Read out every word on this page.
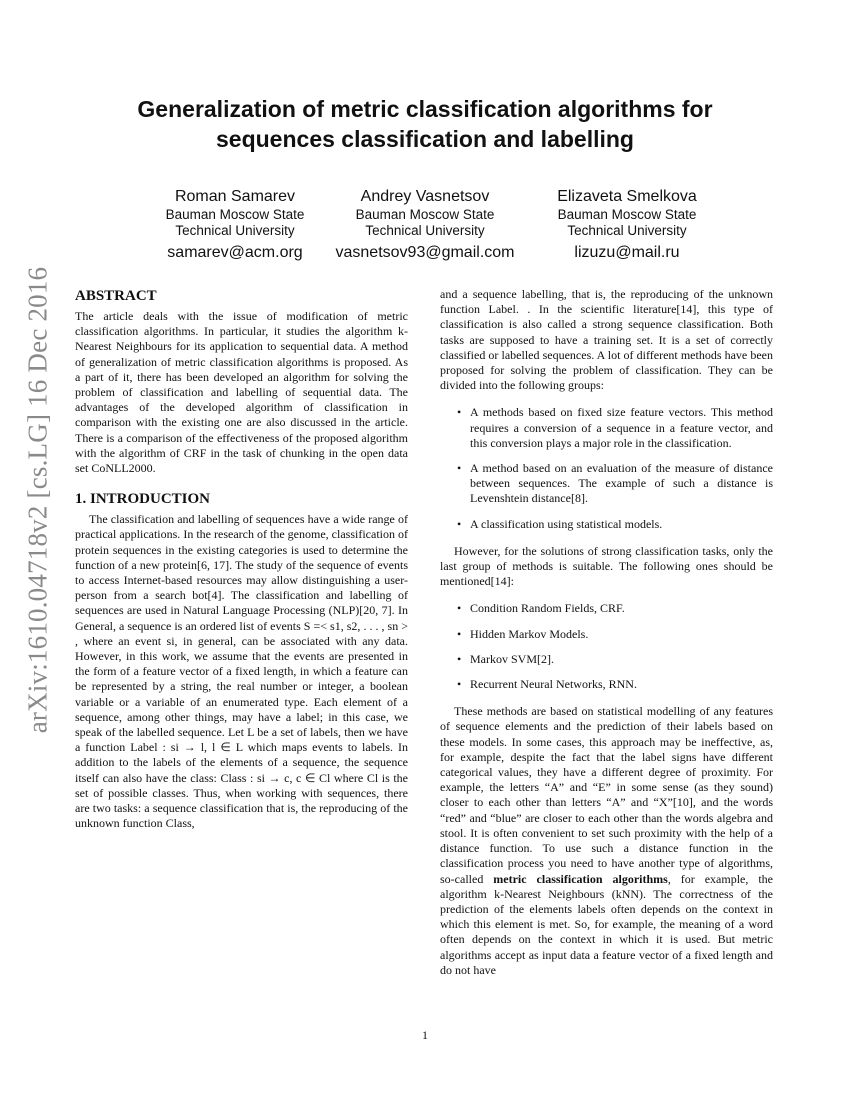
arXiv:1610.04718v2 [cs.LG] 16 Dec 2016
Generalization of metric classification algorithms for sequences classification and labelling
Roman Samarev
Bauman Moscow State
Technical University
samarev@acm.org
Andrey Vasnetsov
Bauman Moscow State
Technical University
vasnetsov93@gmail.com
Elizaveta Smelkova
Bauman Moscow State
Technical University
lizuzu@mail.ru
ABSTRACT

The article deals with the issue of modification of metric classification algorithms. In particular, it studies the algorithm k-Nearest Neighbours for its application to sequential data. A method of generalization of metric classification algorithms is proposed. As a part of it, there has been developed an algorithm for solving the problem of classification and labelling of sequential data. The advantages of the developed algorithm of classification in comparison with the existing one are also discussed in the article. There is a comparison of the effectiveness of the proposed algorithm with the algorithm of CRF in the task of chunking in the open data set CoNLL2000.

1. INTRODUCTION

The classification and labelling of sequences have a wide range of practical applications. In the research of the genome, classification of protein sequences in the existing categories is used to determine the function of a new protein[6, 17]. The study of the sequence of events to access Internet-based resources may allow distinguishing a user-person from a search bot[4]. The classification and labelling of sequences are used in Natural Language Processing (NLP)[20, 7]. In General, a sequence is an ordered list of events S =< s1, s2, . . . , sn > , where an event si, in general, can be associated with any data. However, in this work, we assume that the events are presented in the form of a feature vector of a fixed length, in which a feature can be represented by a string, the real number or integer, a boolean variable or a variable of an enumerated type. Each element of a sequence, among other things, may have a label; in this case, we speak of the labelled sequence. Let L be a set of labels, then we have a function Label : si → l, l ∈ L which maps events to labels. In addition to the labels of the elements of a sequence, the sequence itself can also have the class: Class : si → c, c ∈ Cl where Cl is the set of possible classes. Thus, when working with sequences, there are two tasks: a sequence classification that is, the reproducing of the unknown function Class,

and a sequence labelling, that is, the reproducing of the unknown function Label. . In the scientific literature[14], this type of classification is also called a strong sequence classification. Both tasks are supposed to have a training set. It is a set of correctly classified or labelled sequences. A lot of different methods have been proposed for solving the problem of classification. They can be divided into the following groups:

• A methods based on fixed size feature vectors. This method requires a conversion of a sequence in a feature vector, and this conversion plays a major role in the classification.
• A method based on an evaluation of the measure of distance between sequences. The example of such a distance is Levenshtein distance[8].
• A classification using statistical models.

However, for the solutions of strong classification tasks, only the last group of methods is suitable. The following ones should be mentioned[14]:

• Condition Random Fields, CRF.
• Hidden Markov Models.
• Markov SVM[2].
• Recurrent Neural Networks, RNN.

These methods are based on statistical modelling of any features of sequence elements and the prediction of their labels based on these models. In some cases, this approach may be ineffective, as, for example, despite the fact that the label signs have different categorical values, they have a different degree of proximity. For example, the letters “A” and “E” in some sense (as they sound) closer to each other than letters “A” and “X”[10], and the words “red” and “blue” are closer to each other than the words algebra and stool. It is often convenient to set such proximity with the help of a distance function. To use such a distance function in the classification process you need to have another type of algorithms, so-called metric classification algorithms, for example, the algorithm k-Nearest Neighbours (kNN). The correctness of the prediction of the elements labels often depends on the context in which this element is met. So, for example, the meaning of a word often depends on the context in which it is used. But metric algorithms accept as input data a feature vector of a fixed length and do not have

1
